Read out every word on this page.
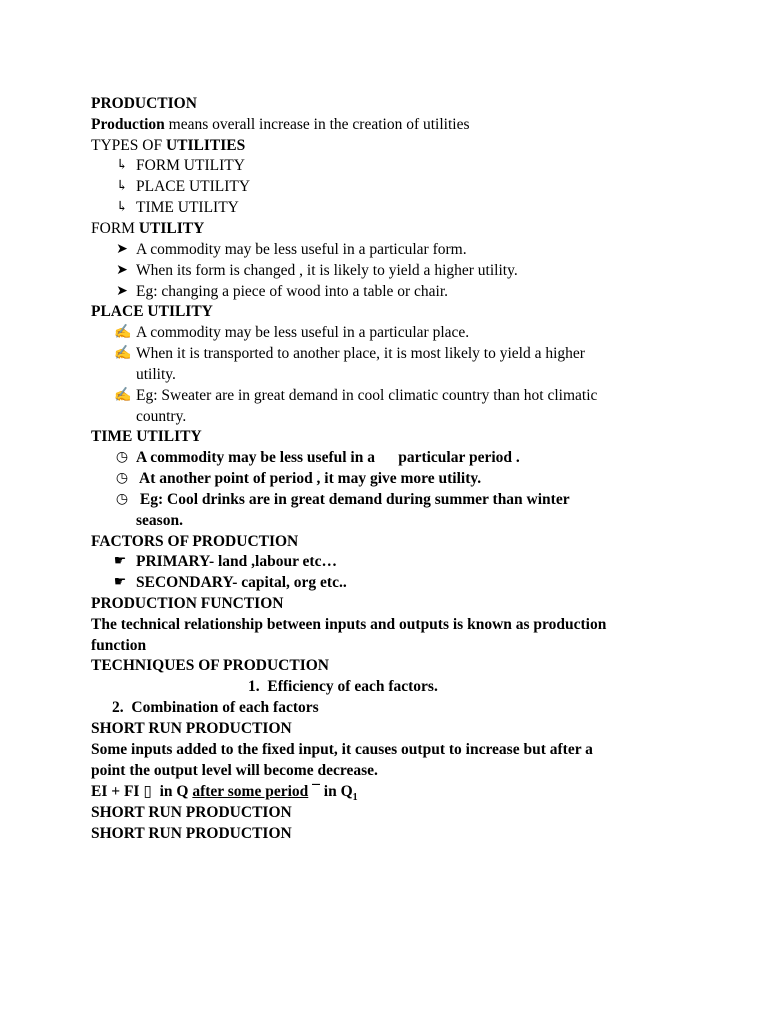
PRODUCTION
Production means overall increase in the creation of utilities
TYPES OF UTILITIES
↳ FORM UTILITY
↳ PLACE UTILITY
↳ TIME UTILITY
FORM UTILITY
➤ A commodity may be less useful in a particular form.
➤ When its form is changed , it is likely to yield a higher utility.
➤ Eg: changing a piece of wood into a table or chair.
PLACE UTILITY
✍ A commodity may be less useful in a particular place.
✍ When it is transported to another place, it is most likely to yield a higher
utility.
✍ Eg: Sweater are in great demand in cool climatic country than hot climatic
country.
TIME UTILITY
◷ A commodity may be less useful in a      particular period .
◷ At another point of period , it may give more utility.
◷ Eg: Cool drinks are in great demand during summer than winter
season.
FACTORS OF PRODUCTION
☛ PRIMARY- land ,labour etc…
☛ SECONDARY- capital, org etc..
PRODUCTION FUNCTION
The technical relationship between inputs and outputs is known as production
function
TECHNIQUES OF PRODUCTION
1. Efficiency of each factors.
2. Combination of each factors
SHORT RUN PRODUCTION
Some inputs added to the fixed input, it causes output to increase but after a
point the output level will become decrease.
EI + FI ▯  in Q after some period ¯ in $Q_1$
SHORT RUN PRODUCTION
SHORT RUN PRODUCTION
